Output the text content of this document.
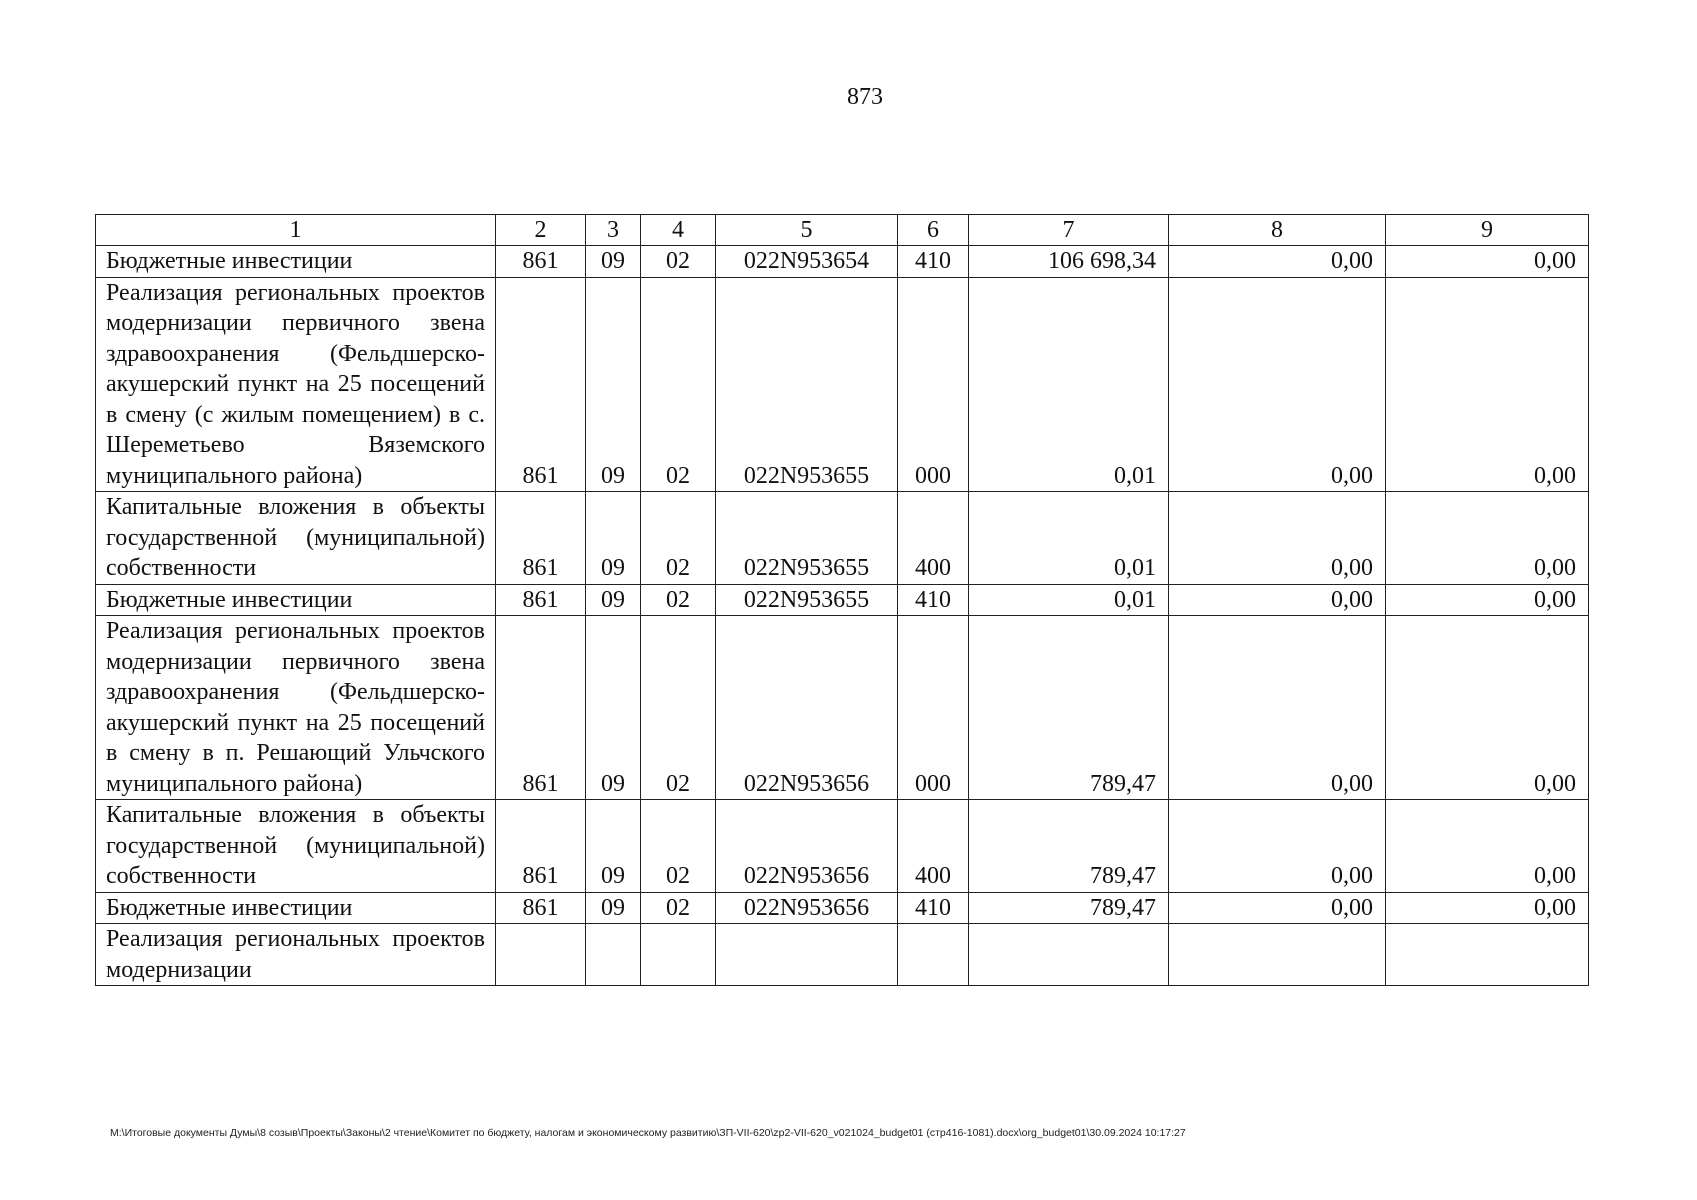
873
1	2	3	4	5	6	7	8	9
Бюджетные инвестиции	861	09	02	022N953654	410	106 698,34	0,00	0,00
Реализация региональных проектов модернизации первичного звена здравоохранения (Фельдшерско-акушерский пункт на 25 посещений в смену (с жилым помещением) в с. Шереметьево Вяземского муниципального района)	861	09	02	022N953655	000	0,01	0,00	0,00
Капитальные вложения в объекты государственной (муниципальной) собственности	861	09	02	022N953655	400	0,01	0,00	0,00
Бюджетные инвестиции	861	09	02	022N953655	410	0,01	0,00	0,00
Реализация региональных проектов модернизации первичного звена здравоохранения (Фельдшерско-акушерский пункт на 25 посещений в смену в п. Решающий Ульчского муниципального района)	861	09	02	022N953656	000	789,47	0,00	0,00
Капитальные вложения в объекты государственной (муниципальной) собственности	861	09	02	022N953656	400	789,47	0,00	0,00
Бюджетные инвестиции	861	09	02	022N953656	410	789,47	0,00	0,00
Реализация региональных проектов модернизации								
М:\Итоговые документы Думы\8 созыв\Проекты\Законы\2 чтение\Комитет по бюджету, налогам и экономическому развитию\ЗП-VII-620\zp2-VII-620_v021024_budget01 (стр416-1081).docx\org_budget01\30.09.2024 10:17:27
